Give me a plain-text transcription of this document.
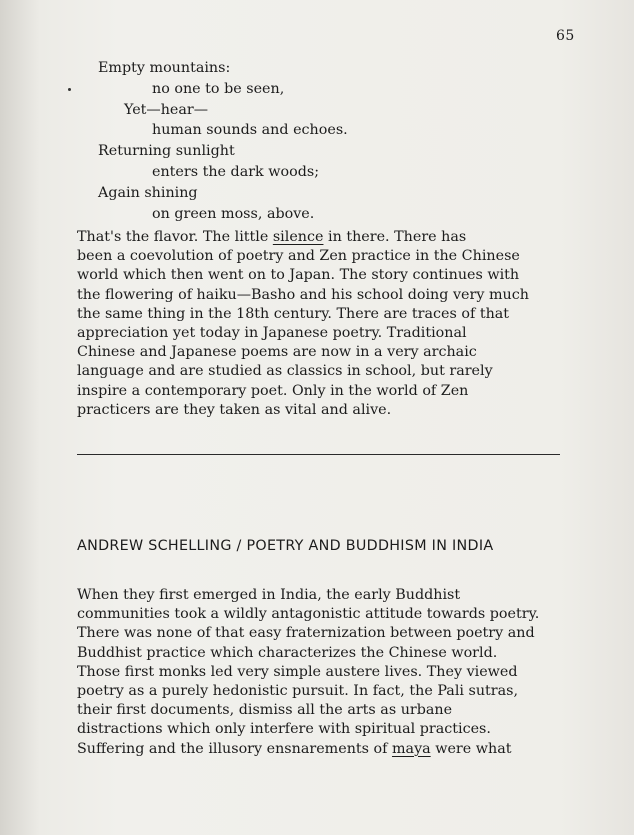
65
Empty mountains:
no one to be seen,
Yet—hear—
human sounds and echoes.
Returning sunlight
enters the dark woods;
Again shining
on green moss, above.
That's the flavor. The little silence in there. There has
been a coevolution of poetry and Zen practice in the Chinese
world which then went on to Japan. The story continues with
the flowering of haiku—Basho and his school doing very much
the same thing in the 18th century. There are traces of that
appreciation yet today in Japanese poetry. Traditional
Chinese and Japanese poems are now in a very archaic
language and are studied as classics in school, but rarely
inspire a contemporary poet. Only in the world of Zen
practicers are they taken as vital and alive.
ANDREW SCHELLING / POETRY AND BUDDHISM IN INDIA
When they first emerged in India, the early Buddhist
communities took a wildly antagonistic attitude towards poetry.
There was none of that easy fraternization between poetry and
Buddhist practice which characterizes the Chinese world.
Those first monks led very simple austere lives. They viewed
poetry as a purely hedonistic pursuit. In fact, the Pali sutras,
their first documents, dismiss all the arts as urbane
distractions which only interfere with spiritual practices.
Suffering and the illusory ensnarements of maya were what
